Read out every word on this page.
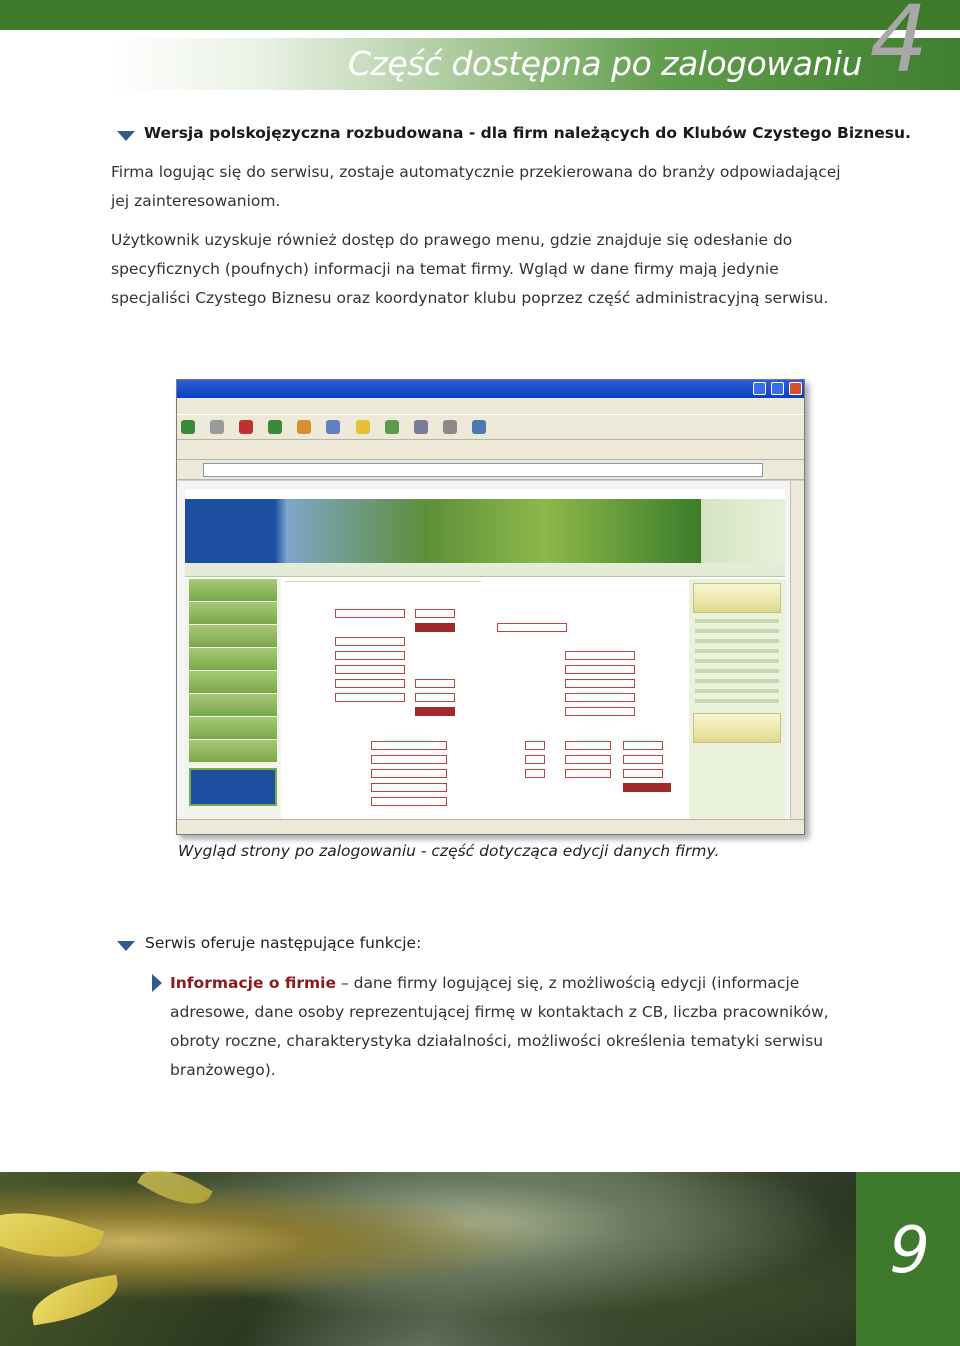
Część dostępna po zalogowaniu 4
Wersja polskojęzyczna rozbudowana - dla firm należących do Klubów Czystego Biznesu.
Firma logując się do serwisu, zostaje automatycznie przekierowana do branży odpowiadającej jej zainteresowaniom.
Użytkownik uzyskuje również dostęp do prawego menu, gdzie znajduje się odesłanie do specyficznych (poufnych) informacji na temat firmy. Wgląd w dane firmy mają jedynie specjaliści Czystego Biznesu oraz koordynator klubu poprzez część administracyjną serwisu.

Wygląd strony po zalogowaniu - część dotycząca edycji danych firmy.
Serwis oferuje następujące funkcje:
Informacje o firmie – dane firmy logującej się, z możliwością edycji (informacje adresowe, dane osoby reprezentującej firmę w kontaktach z CB, liczba pracowników, obroty roczne, charakterystyka działalności, możliwości określenia tematyki serwisu branżowego).
9
